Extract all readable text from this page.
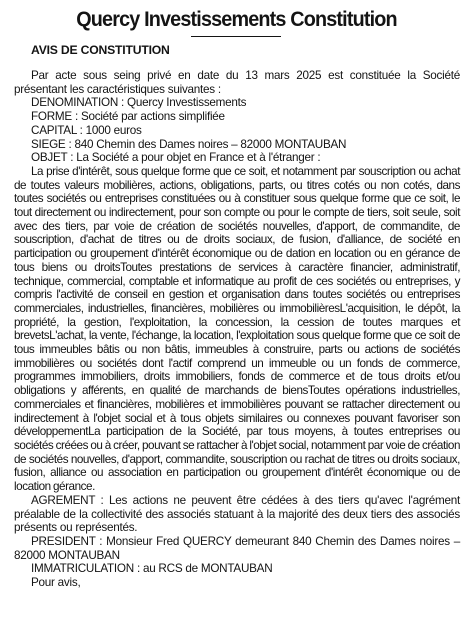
Quercy Investissements Constitution
AVIS DE CONSTITUTION

Par acte sous seing privé en date du 13 mars 2025 est constituée la Société présentant les caractéristiques suivantes :

DENOMINATION : Quercy Investissements

FORME : Société par actions simplifiée

CAPITAL : 1000 euros

SIEGE : 840 Chemin des Dames noires – 82000 MONTAUBAN

OBJET : La Société a pour objet en France et à l'étranger :

La prise d'intérêt, sous quelque forme que ce soit, et notamment par souscription ou achat de toutes valeurs mobilières, actions, obligations, parts, ou titres cotés ou non cotés, dans toutes sociétés ou entreprises constituées ou à constituer sous quelque forme que ce soit, le tout directement ou indirectement, pour son compte ou pour le compte de tiers, soit seule, soit avec des tiers, par voie de création de sociétés nouvelles, d'apport, de commandite, de souscription, d'achat de titres ou de droits sociaux, de fusion, d'alliance, de société en participation ou groupement d'intérêt économique ou de dation en location ou en gérance de tous biens ou droitsToutes prestations de services à caractère financier, administratif, technique, commercial, comptable et informatique au profit de ces sociétés ou entreprises, y compris l'activité de conseil en gestion et organisation dans toutes sociétés ou entreprises commerciales, industrielles, financières, mobilières ou immobilièresL'acquisition, le dépôt, la propriété, la gestion, l'exploitation, la concession, la cession de toutes marques et brevetsL'achat, la vente, l'échange, la location, l'exploitation sous quelque forme que ce soit de tous immeubles bâtis ou non bâtis, immeubles à construire, parts ou actions de sociétés immobilières ou sociétés dont l'actif comprend un immeuble ou un fonds de commerce, programmes immobiliers, droits immobiliers, fonds de commerce et de tous droits et/ou obligations y afférents, en qualité de marchands de biensToutes opérations industrielles, commerciales et financières, mobilières et immobilières pouvant se rattacher directement ou indirectement à l'objet social et à tous objets similaires ou connexes pouvant favoriser son développementLa participation de la Société, par tous moyens, à toutes entreprises ou sociétés créées ou à créer, pouvant se rattacher à l'objet social, notamment par voie de création de sociétés nouvelles, d'apport, commandite, souscription ou rachat de titres ou droits sociaux, fusion, alliance ou association en participation ou groupement d'intérêt économique ou de location gérance.

AGREMENT : Les actions ne peuvent être cédées à des tiers qu'avec l'agrément préalable de la collectivité des associés statuant à la majorité des deux tiers des associés présents ou représentés.

PRESIDENT : Monsieur Fred QUERCY demeurant 840 Chemin des Dames noires – 82000 MONTAUBAN

IMMATRICULATION : au RCS de MONTAUBAN

Pour avis,
